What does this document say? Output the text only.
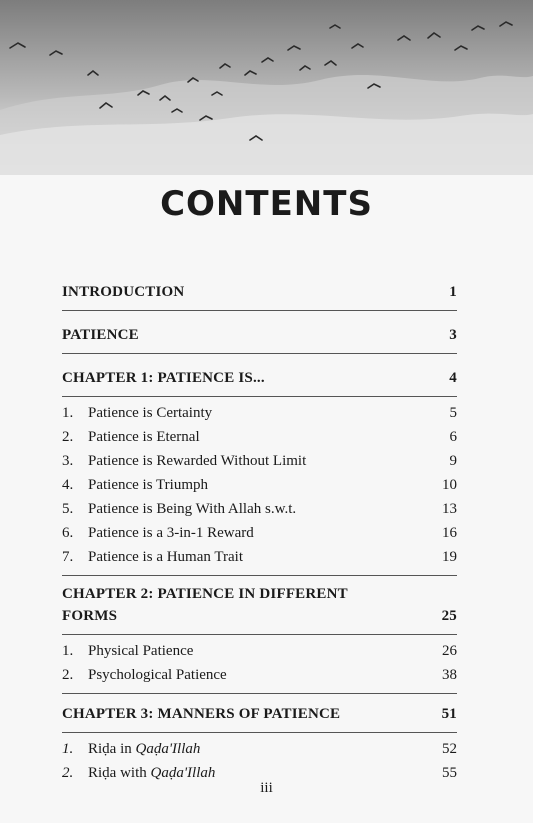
CONTENTS
INTRODUCTION	1
PATIENCE	3
CHAPTER 1: PATIENCE IS...	4
1. Patience is Certainty	5
2. Patience is Eternal	6
3. Patience is Rewarded Without Limit	9
4. Patience is Triumph	10
5. Patience is Being With Allah s.w.t.	13
6. Patience is a 3-in-1 Reward	16
7. Patience is a Human Trait	19
CHAPTER 2: PATIENCE IN DIFFERENT
FORMS	25
1. Physical Patience	26
2. Psychological Patience	38
CHAPTER 3: MANNERS OF PATIENCE	51
1. Riḍa in Qaḍa'Illah	52
2. Riḍa with Qaḍa'Illah	55
iii
